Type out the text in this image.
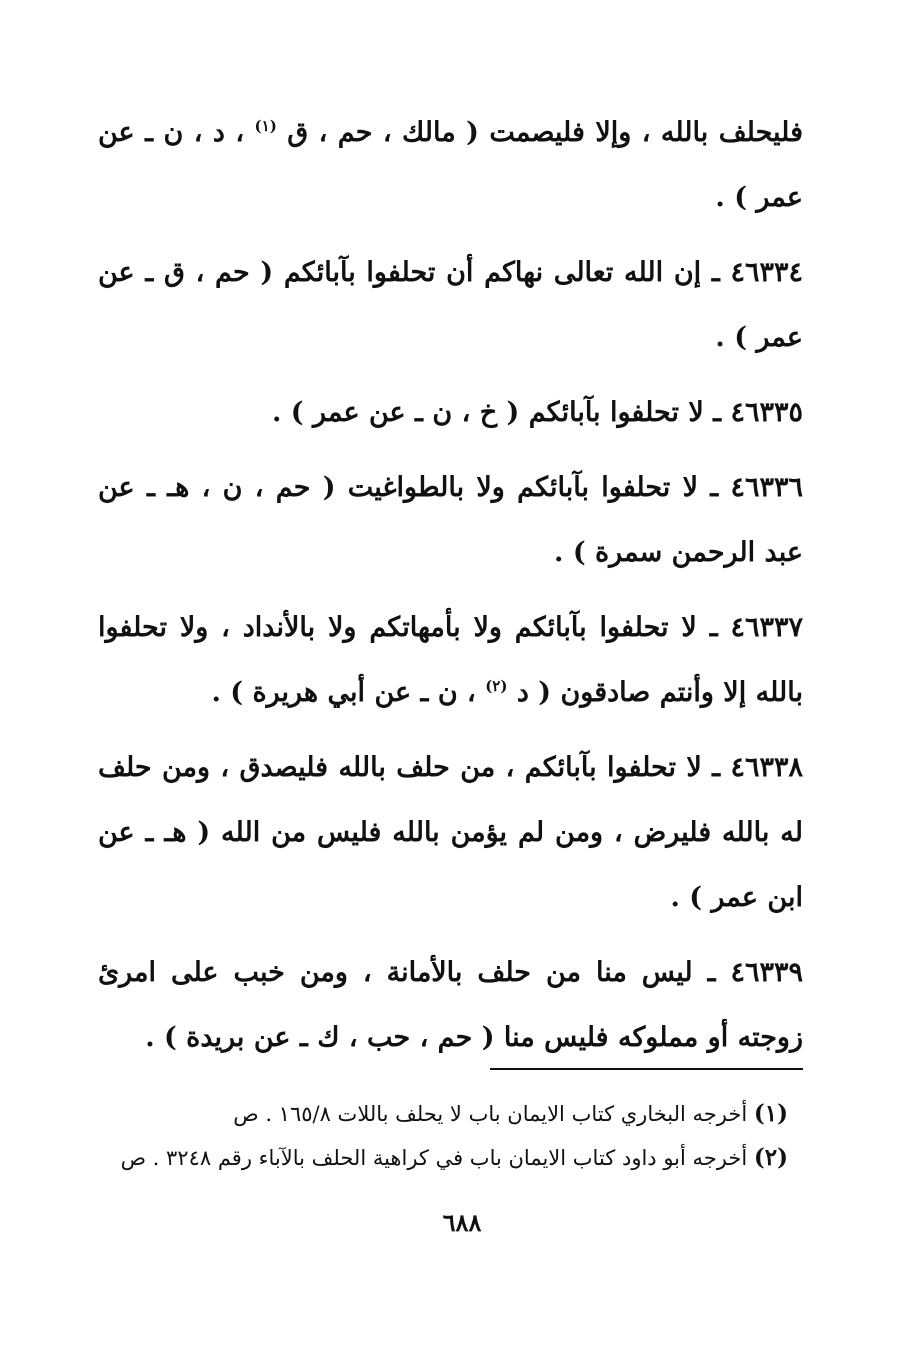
فليحلف بالله ، وإلا فليصمت ( مالك ، حم ، ق $^{(١)}$ ، د ، ن ـ عن عمر ) .

٤٦٣٣٤ ـ إن الله تعالى نهاكم أن تحلفوا بآبائكم ( حم ، ق ـ عن عمر ) .

٤٦٣٣٥ ـ لا تحلفوا بآبائكم ( خ ، ن ـ عن عمر ) .

٤٦٣٣٦ ـ لا تحلفوا بآبائكم ولا بالطواغيت ( حم ، ن ، هـ ـ عن عبد الرحمن سمرة ) .

٤٦٣٣٧ ـ لا تحلفوا بآبائكم ولا بأمهاتكم ولا بالأنداد ، ولا تحلفوا بالله إلا وأنتم صادقون ( د $^{(٢)}$ ، ن ـ عن أبي هريرة ) .

٤٦٣٣٨ ـ لا تحلفوا بآبائكم ، من حلف بالله فليصدق ، ومن حلف له بالله فليرض ، ومن لم يؤمن بالله فليس من الله ( هـ ـ عن ابن عمر ) .

٤٦٣٣٩ ـ ليس منا من حلف بالأمانة ، ومن خبب على امرئ زوجته أو مملوكه فليس منا ( حم ، حب ، ك ـ عن بريدة ) .

(١) أخرجه البخاري كتاب الايمان باب لا يحلف باللات ١٦٥/٨ . ص
(٢) أخرجه أبو داود كتاب الايمان باب في كراهية الحلف بالآباء رقم ٣٢٤٨ . ص
٦٨٨
